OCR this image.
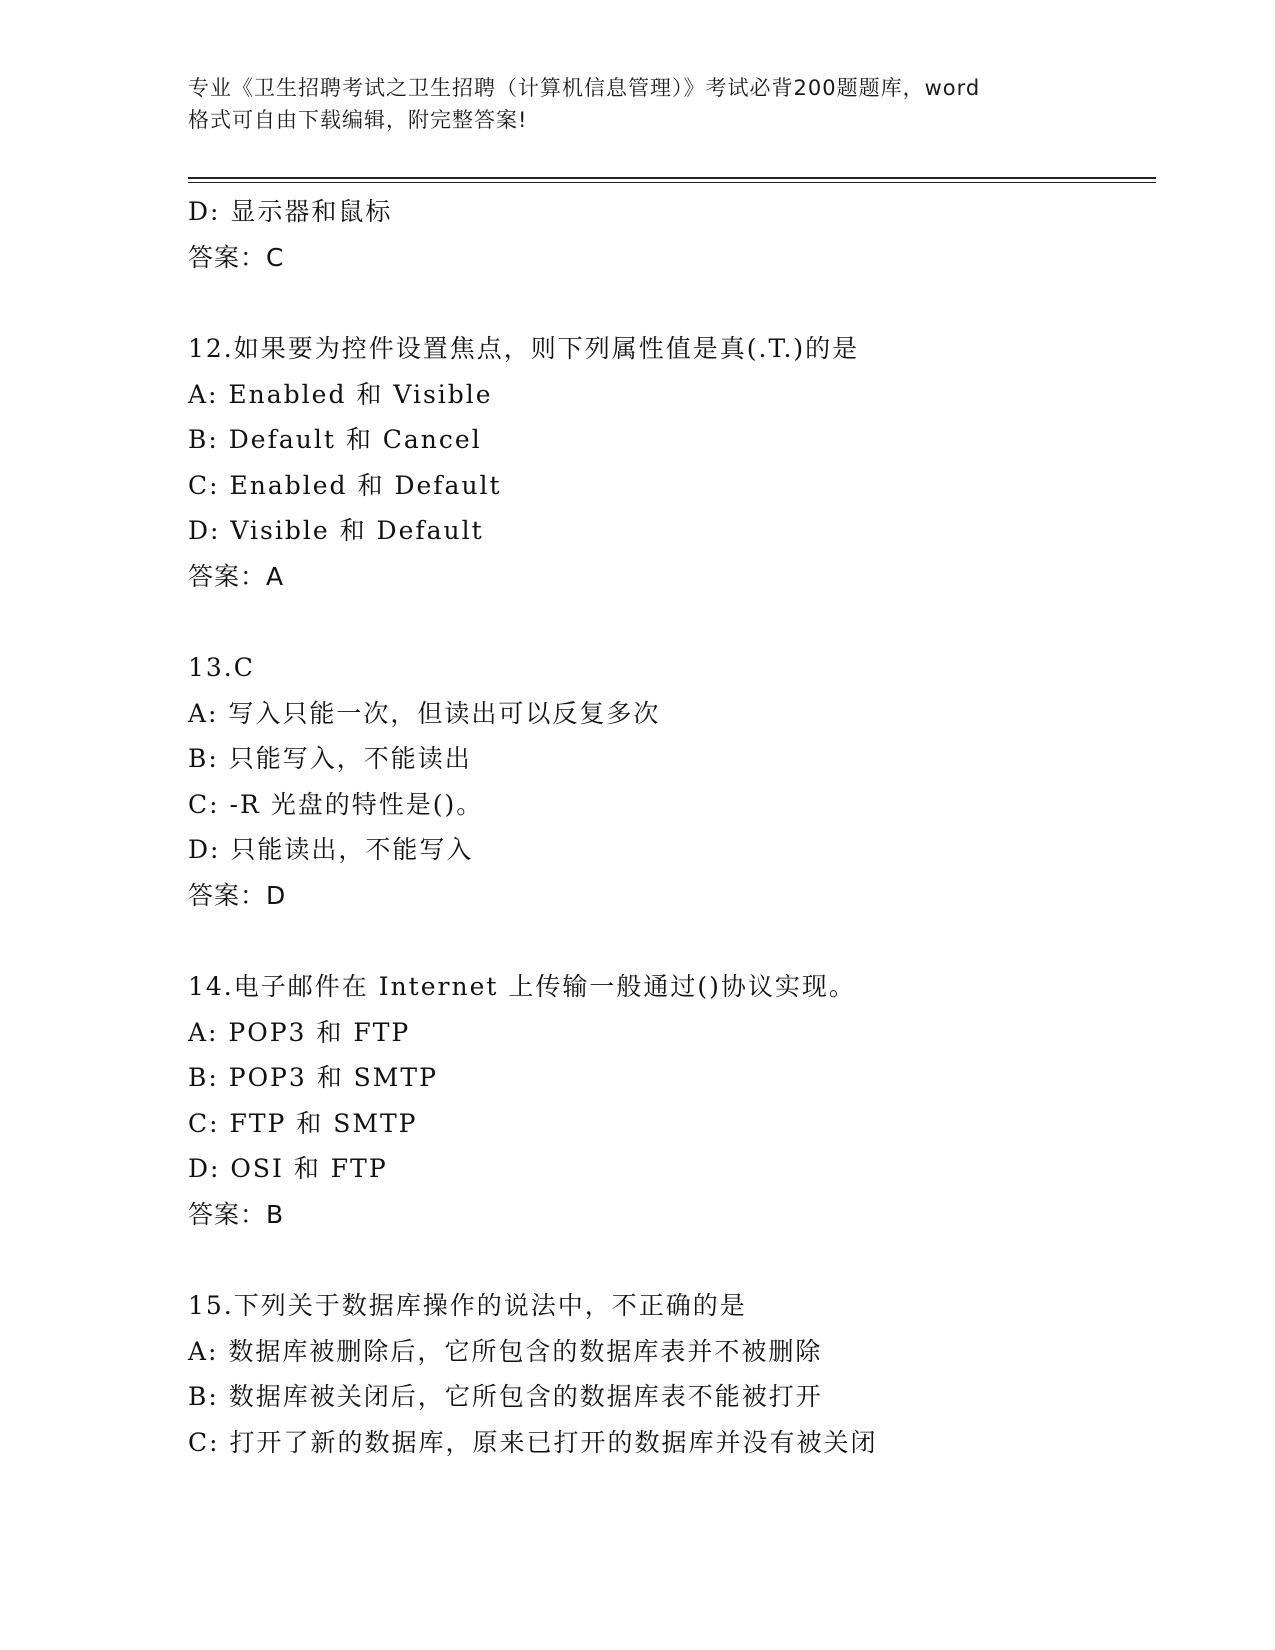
专业《卫生招聘考试之卫生招聘（计算机信息管理）》考试必背200题题库，word
格式可自由下载编辑，附完整答案!
D: 显示器和鼠标
答案：C
12.如果要为控件设置焦点，则下列属性值是真(.T.)的是
A: Enabled 和 Visible
B: Default 和 Cancel
C: Enabled 和 Default
D: Visible 和 Default
答案：A
13.C
A: 写入只能一次，但读出可以反复多次
B: 只能写入，不能读出
C: -R 光盘的特性是()。
D: 只能读出，不能写入
答案：D
14.电子邮件在 Internet 上传输一般通过()协议实现。
A: POP3 和 FTP
B: POP3 和 SMTP
C: FTP 和 SMTP
D: OSI 和 FTP
答案：B
15.下列关于数据库操作的说法中，不正确的是
A: 数据库被删除后，它所包含的数据库表并不被删除
B: 数据库被关闭后，它所包含的数据库表不能被打开
C: 打开了新的数据库，原来已打开的数据库并没有被关闭
